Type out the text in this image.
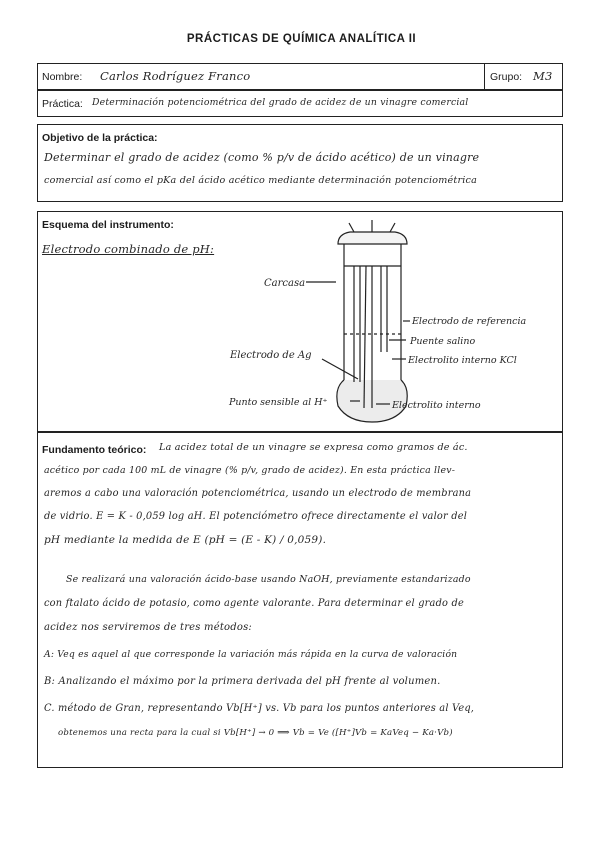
PRÁCTICAS DE QUÍMICA ANALÍTICA II
Nombre: Carlos Rodríguez Franco	Grupo: M3
Práctica: Determinación potenciométrica del grado de acidez de un vinagre comercial
Objetivo de la práctica:
Determinar el grado de acidez (como % p/v de ácido acético) de un vinagre
comercial así como el pKa del ácido acético mediante determinación potenciométrica
Esquema del instrumento:
Electrodo combinado de pH:
Carcasa
Electrodo de referencia
Puente salino
Electrolito interno KCl
Electrodo de Ag
Punto sensible al H⁺	Electrolito interno
Fundamento teórico: La acidez total de un vinagre se expresa como gramos de ác.
acético por cada 100 mL de vinagre (% p/v, grado de acidez). En esta práctica llev-
aremos a cabo una valoración potenciométrica, usando un electrodo de membrana
de vidrio. E = K - 0,059 log aH. El potenciómetro ofrece directamente el valor del
pH mediante la medida de E (pH = (E - K) / 0,059).
Se realizará una valoración ácido-base usando NaOH, previamente estandarizado
con ftalato ácido de potasio, como agente valorante. Para determinar el grado de
acidez nos serviremos de tres métodos:
A: Veq es aquel al que corresponde la variación más rápida en la curva de valoración
B: Analizando el máximo por la primera derivada del pH frente al volumen.
C. método de Gran, representando Vb[H⁺] vs. Vb para los puntos anteriores al Veq,
obtenemos una recta para la cual si Vb[H⁺] → 0 ⟹ Vb = Ve ([H⁺]Vb = KaVeq − Ka·Vb)
